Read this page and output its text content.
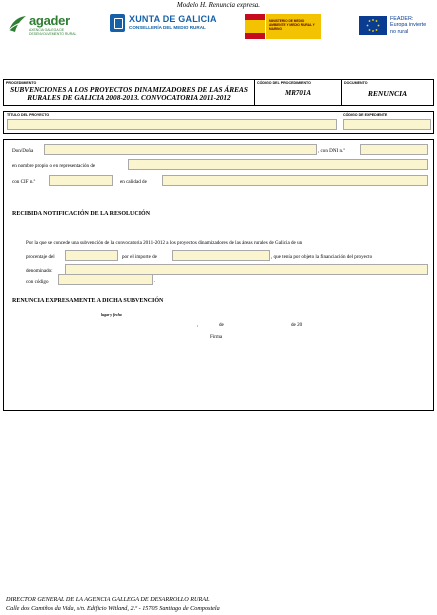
Modelo H. Renuncia expresa.
agader
AXENCIA GALEGA DE DESENVOLVEMENTO RURAL
XUNTA DE GALICIA
CONSELLERÍA DEL MEDIO RURAL
MINISTERIO DE MEDIO AMBIENTE Y MEDIO RURAL Y MARINO
FEADER:
Europa invierte
no rural
PROCEDIMIENTO
SUBVENCIONES A LOS PROYECTOS DINAMIZADORES DE LAS ÁREAS RURALES DE GALICIA 2008-2013. CONVOCATORIA 2011-2012
CÓDIGO DEL PROCEDIMIENTO
MR701A
DOCUMENTO
RENUNCIA
TÍTULO DEL PROYECTO	CÓDIGO DE EXPEDIENTE
Don/Doña	, con DNI n.º
en nombre propio o en representación de
con CIF n.º	en calidad de
RECIBIDA NOTIFICACIÓN DE LA RESOLUCIÓN
Por la que se concede una subvención de la convocatoria 2011-2012 a los proyectos dinamizadores de las áreas rurales de Galicia de un
procentaje del	por el importe de	, que tenía por objeto la financiación del proyecto
denominado:
con código	.
RENUNCIA EXPRESAMENTE A DICHA SUBVENCIÓN
lugar y fecha
,	de	de 20
Firma
DIRECTOR GENERAL DE LA AGENCIA GALLEGA DE DESARROLLO RURAL
Calle dos Camiños da Vida, s/n. Edificio Witland, 2.º - 15705 Santiago de Compostela
